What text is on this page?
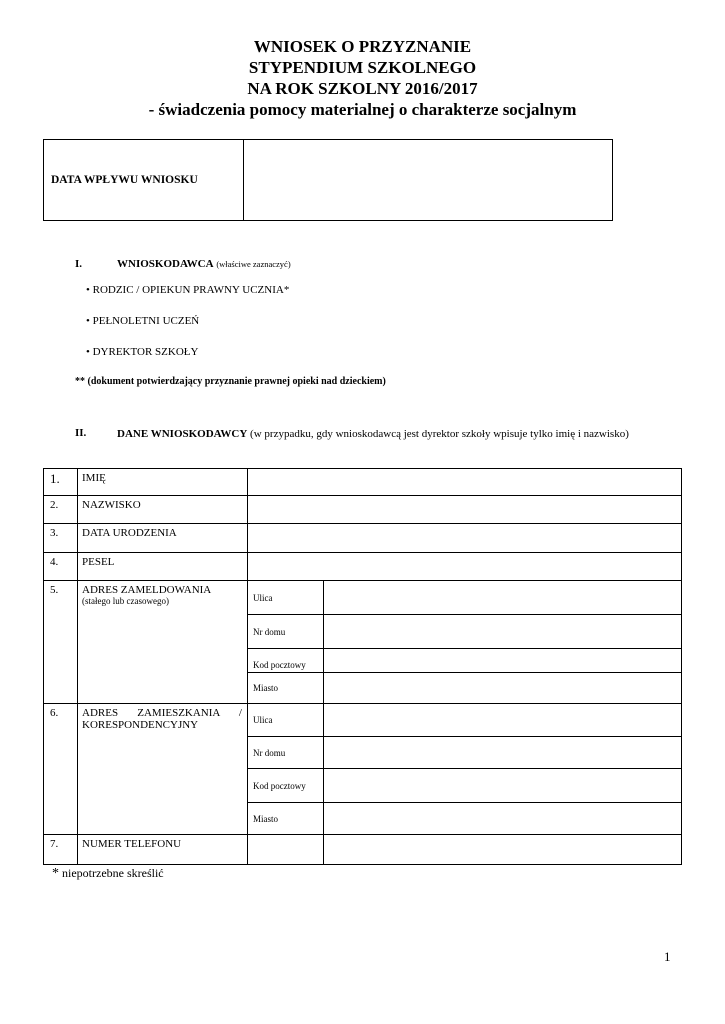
WNIOSEK O PRZYZNANIE
STYPENDIUM SZKOLNEGO
NA ROK SZKOLNY 2016/2017
- świadczenia pomocy materialnej o charakterze socjalnym
DATA WPŁYWU WNIOSKU	
I.	WNIOSKODAWCA (właściwe zaznaczyć)
• RODZIC / OPIEKUN PRAWNY UCZNIA*
• PEŁNOLETNI UCZEŃ
• DYREKTOR SZKOŁY
** (dokument potwierdzający przyznanie prawnej opieki nad dzieckiem)
II.	DANE WNIOSKODAWCY (w przypadku, gdy wnioskodawcą jest dyrektor szkoły wpisuje tylko imię i nazwisko)
1.	IMIĘ		
2.	NAZWISKO		
3.	DATA URODZENIA		
4.	PESEL		
5.	ADRES ZAMELDOWANIA
(stałego lub czasowego)	Ulica	
		Nr domu	
		Kod pocztowy	
		Miasto	
6.	ADRES ZAMIESZKANIA / KORESPONDENCYJNY	Ulica	
		Nr domu	
		Kod pocztowy	
		Miasto	
7.	NUMER TELEFONU		
* niepotrzebne skreślić
1
